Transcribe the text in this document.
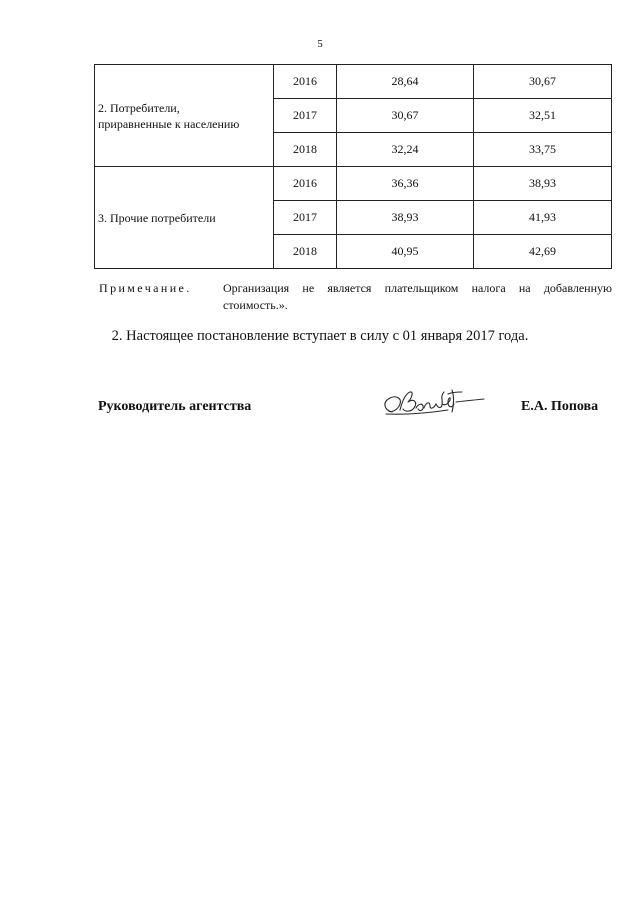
5
2. Потребители,
приравненные к населению	2016	28,64	30,67
	2017	30,67	32,51
	2018	32,24	33,75
3. Прочие потребители	2016	36,36	38,93
	2017	38,93	41,93
	2018	40,95	42,69
Примечание.	Организация не является плательщиком налога на добавленную
стоимость.».
2. Настоящее постановление вступает в силу с 01 января 2017 года.
Руководитель агентства	Е.А. Попова
